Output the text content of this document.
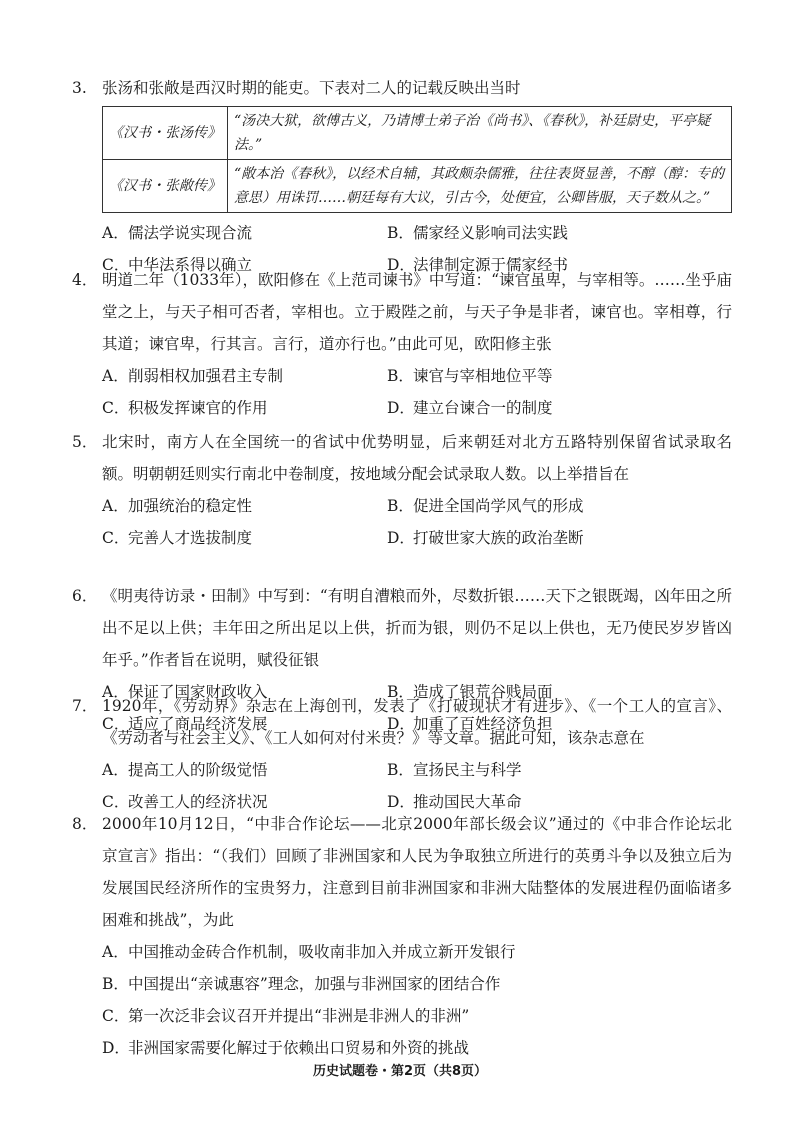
3. 张汤和张敞是西汉时期的能吏。下表对二人的记载反映出当时
《汉书・张汤传》	“汤决大狱，欲傅古义，乃请博士弟子治《尚书》、《春秋》，补廷尉史，平亭疑法。”
《汉书・张敞传》	“敞本治《春秋》，以经术自辅，其政颇杂儒雅，往往表贤显善，不醇（醇：专的意思）用诛罚……朝廷每有大议，引古今，处便宜，公卿皆服，天子数从之。”
A．儒法学说实现合流	B．儒家经义影响司法实践
C．中华法系得以确立	D．法律制定源于儒家经书
4． 明道二年（1033年），欧阳修在《上范司谏书》中写道：“谏官虽卑，与宰相等。……坐乎庙堂之上，与天子相可否者，宰相也。立于殿陛之前，与天子争是非者，谏官也。宰相尊，行其道；谏官卑，行其言。言行，道亦行也。”由此可见，欧阳修主张
A．削弱相权加强君主专制	B．谏官与宰相地位平等
C．积极发挥谏官的作用	D．建立台谏合一的制度
5． 北宋时，南方人在全国统一的省试中优势明显，后来朝廷对北方五路特别保留省试录取名额。明朝朝廷则实行南北中卷制度，按地域分配会试录取人数。以上举措旨在
A．加强统治的稳定性	B．促进全国尚学风气的形成
C．完善人才选拔制度	D．打破世家大族的政治垄断
6． 《明夷待访录・田制》中写到：“有明自漕粮而外，尽数折银……天下之银既竭，凶年田之所出不足以上供；丰年田之所出足以上供，折而为银，则仍不足以上供也，无乃使民岁岁皆凶年乎。”作者旨在说明，赋役征银
A．保证了国家财政收入	B．造成了银荒谷贱局面
C．适应了商品经济发展	D．加重了百姓经济负担
7． 1920年，《劳动界》杂志在上海创刊，发表了《打破现状才有进步》、《一个工人的宣言》、《劳动者与社会主义》、《工人如何对付米贵？》等文章。据此可知，该杂志意在
A．提高工人的阶级觉悟	B．宣扬民主与科学
C．改善工人的经济状况	D．推动国民大革命
8． 2000年10月12日，“中非合作论坛——北京2000年部长级会议”通过的《中非合作论坛北京宣言》指出：“（我们）回顾了非洲国家和人民为争取独立所进行的英勇斗争以及独立后为发展国民经济所作的宝贵努力，注意到目前非洲国家和非洲大陆整体的发展进程仍面临诸多困难和挑战”，为此
A．中国推动金砖合作机制，吸收南非加入并成立新开发银行
B．中国提出“亲诚惠容”理念，加强与非洲国家的团结合作
C．第一次泛非会议召开并提出“非洲是非洲人的非洲”
D．非洲国家需要化解过于依赖出口贸易和外资的挑战
历史试题卷・第2页（共8页）
